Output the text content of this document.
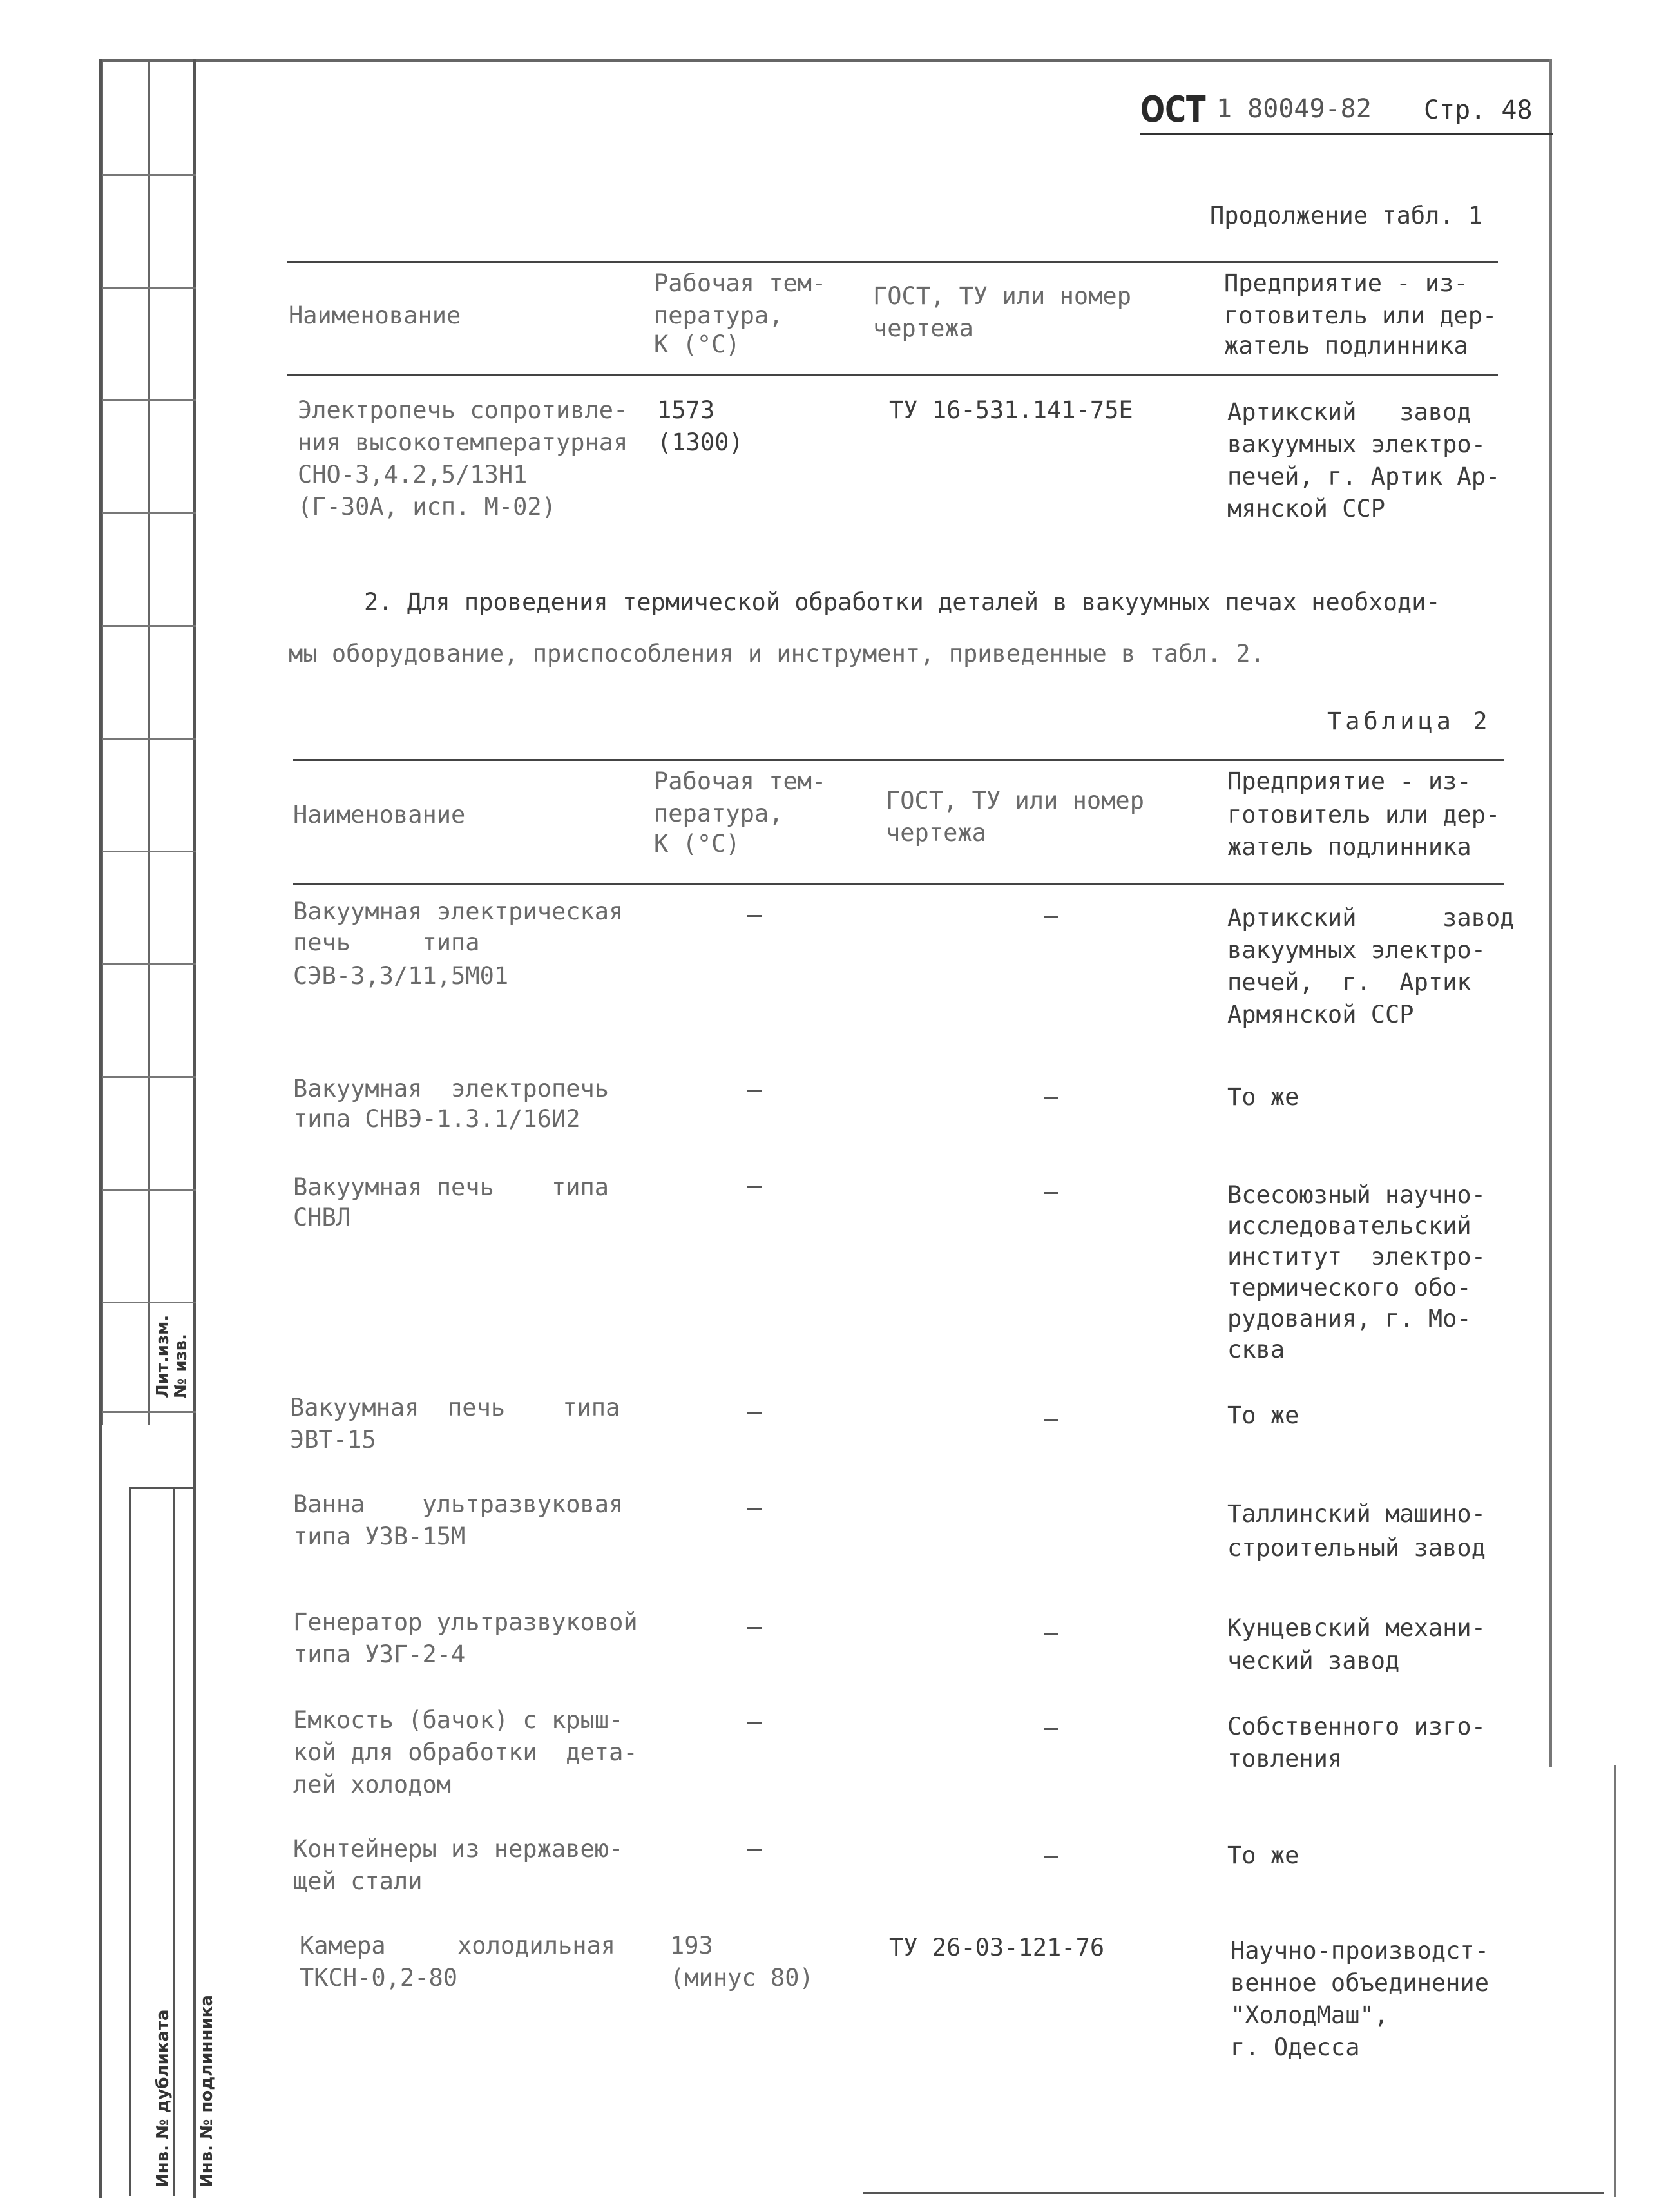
Лит.изм.
№ изв.
Инв. № дубликата Инв. № подлинника
ОСТ 1 80049-82 Стр. 48
Продолжение табл. 1
Наименование
Рабочая тем-
пература,
К (°С)
ГОСТ, ТУ или номер
чертежа
Предприятие - из-
готовитель или дер-
жатель подлинника
Электропечь сопротивле-
ния высокотемпературная
СНО-3,4.2,5/13Н1
(Г-30А, исп. М-02)
1573
(1300)
ТУ 16-531.141-75Е	Артикский   завод
вакуумных электро-
печей, г. Артик Ар-
мянской ССР
2. Для проведения термической обработки деталей в вакуумных печах необходи-
мы оборудование, приспособления и инструмент, приведенные в табл. 2.
Таблица 2
Наименование
Рабочая тем-
пература,
К (°С)
ГОСТ, ТУ или номер
чертежа
Предприятие - из-
готовитель или дер-
жатель подлинника
Вакуумная электрическая
печь     типа
СЭВ-3,3/11,5М01
Артикский      завод
вакуумных электро-
печей,  г.  Артик
Армянской ССР
Вакуумная  электропечь
типа СНВЭ-1.3.1/16И2
То же
Вакуумная печь    типа
СНВЛ
Всесоюзный научно-
исследовательский
институт  электро-
термического обо-
рудования, г. Мо-
сква
Вакуумная  печь    типа
ЭВТ-15
То же
Ванна    ультразвуковая
типа УЗВ-15М
Таллинский машино-
строительный завод
Генератор ультразвуковой
типа УЗГ-2-4
Кунцевский механи-
ческий завод
Емкость (бачок) с крыш-
кой для обработки  дета-
лей холодом
Собственного изго-
товления
Контейнеры из нержавею-
щей стали
То же
Камера     холодильная
ТКСН-0,2-80
193
(минус 80)
ТУ 26-03-121-76	Научно-производст-
венное объединение
"ХолодМаш",
г. Одесса
